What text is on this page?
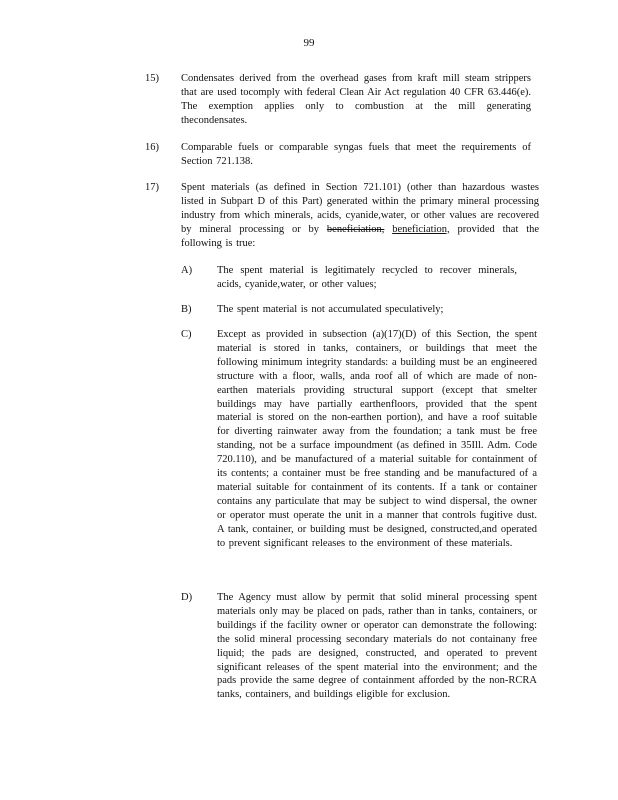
99
15) Condensates derived from the overhead gases from kraft mill steam strippers that are used tocomply with federal Clean Air Act regulation 40 CFR 63.446(e). The exemption applies only to combustion at the mill generating thecondensates.
16) Comparable fuels or comparable syngas fuels that meet the requirements of Section 721.138.
17) Spent materials (as defined in Section 721.101) (other than hazardous wastes listed in Subpart D of this Part) generated within the primary mineral processing industry from which minerals, acids, cyanide,water, or other values are recovered by mineral processing or by beneficiation, beneficiation, provided that the following is true:
A) The spent material is legitimately recycled to recover minerals, acids, cyanide,water, or other values;
B) The spent material is not accumulated speculatively;
C) Except as provided in subsection (a)(17)(D) of this Section, the spent material is stored in tanks, containers, or buildings that meet the following minimum integrity standards: a building must be an engineered structure with a floor, walls, anda roof all of which are made of non-earthen materials providing structural support (except that smelter buildings may have partially earthenfloors, provided that the spent material is stored on the non-earthen portion), and have a roof suitable for diverting rainwater away from the foundation; a tank must be free standing, not be a surface impoundment (as defined in 35Ill. Adm. Code 720.110), and be manufactured of a material suitable for containment of its contents; a container must be free standing and be manufactured of a material suitable for containment of its contents. If a tank or container contains any particulate that may be subject to wind dispersal, the owner or operator must operate the unit in a manner that controls fugitive dust. A tank, container, or building must be designed, constructed,and operated to prevent significant releases to the environment of these materials.
D) The Agency must allow by permit that solid mineral processing spent materials only may be placed on pads, rather than in tanks, containers, or buildings if the facility owner or operator can demonstrate the following: the solid mineral processing secondary materials do not containany free liquid; the pads are designed, constructed, and operated to prevent significant releases of the spent material into the environment; and the pads provide the same degree of containment afforded by the non-RCRA tanks, containers, and buildings eligible for exclusion.
